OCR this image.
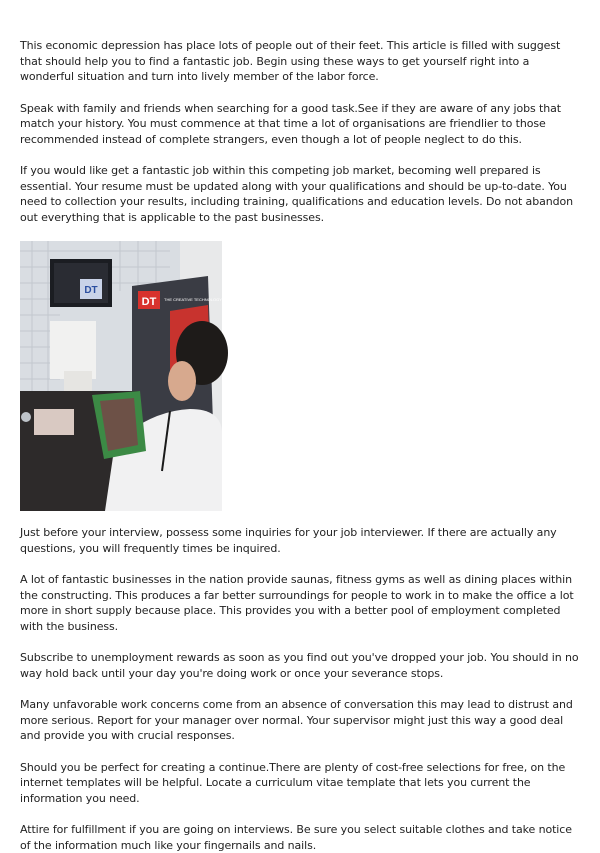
This economic depression has place lots of people out of their feet. This article is filled with suggest that should help you to find a fantastic job. Begin using these ways to get yourself right into a wonderful situation and turn into lively member of the labor force.

Speak with family and friends when searching for a good task.See if they are aware of any jobs that match your history. You must commence at that time a lot of organisations are friendlier to those recommended instead of complete strangers, even though a lot of people neglect to do this.

If you would like get a fantastic job within this competing job market, becoming well prepared is essential. Your resume must be updated along with your qualifications and should be up-to-date. You need to collection your results, including training, qualifications and education levels. Do not abandon out everything that is applicable to the past businesses.

DT
DT THE CREATIVE TECHNOLOGY AGENCY

Just before your interview, possess some inquiries for your job interviewer. If there are actually any questions, you will frequently times be inquired.

A lot of fantastic businesses in the nation provide saunas, fitness gyms as well as dining places within the constructing. This produces a far better surroundings for people to work in to make the office a lot more in short supply because place. This provides you with a better pool of employment completed with the business.

Subscribe to unemployment rewards as soon as you find out you've dropped your job. You should in no way hold back until your day you're doing work or once your severance stops.

Many unfavorable work concerns come from an absence of conversation this may lead to distrust and more serious. Report for your manager over normal. Your supervisor might just this way a good deal and provide you with crucial responses.

Should you be perfect for creating a continue.There are plenty of cost-free selections for free, on the internet templates will be helpful. Locate a curriculum vitae template that lets you current the information you need.

Attire for fulfillment if you are going on interviews. Be sure you select suitable clothes and take notice of the information much like your fingernails and nails.
